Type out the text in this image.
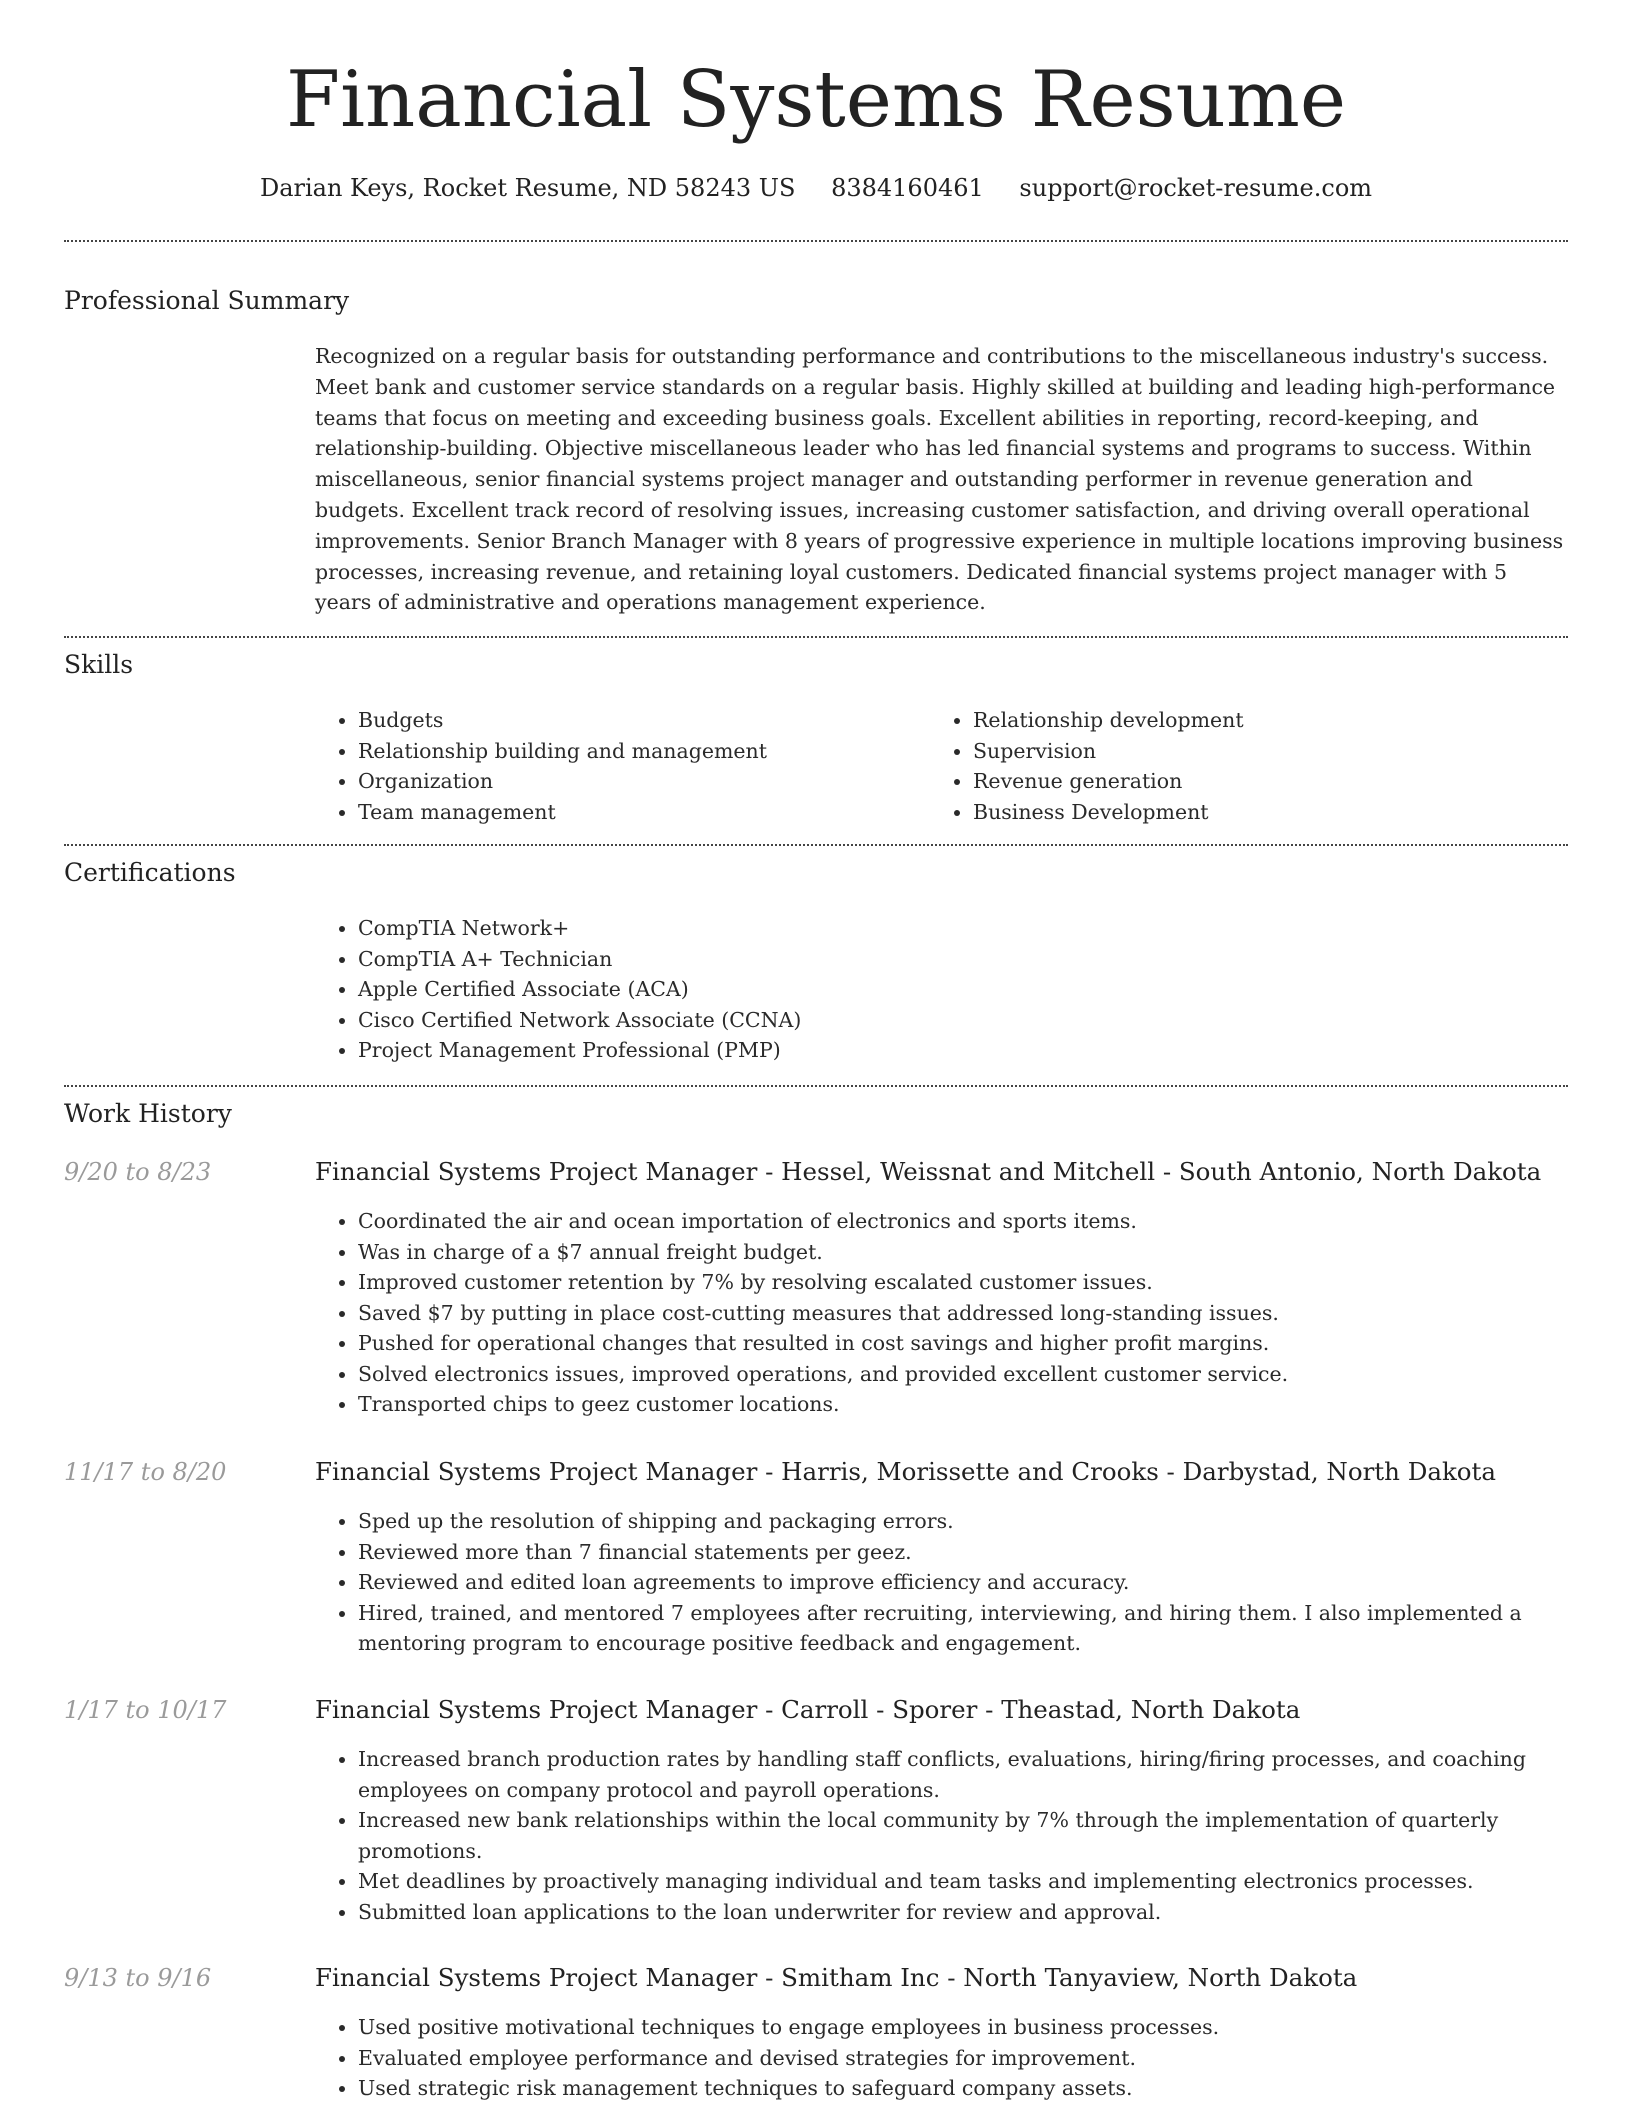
Financial Systems Resume
Darian Keys, Rocket Resume, ND 58243 US 8384160461 support@rocket-resume.com
Professional Summary
Recognized on a regular basis for outstanding performance and contributions to the miscellaneous industry's success. Meet bank and customer service standards on a regular basis. Highly skilled at building and leading high-performance teams that focus on meeting and exceeding business goals. Excellent abilities in reporting, record-keeping, and relationship-building. Objective miscellaneous leader who has led financial systems and programs to success. Within miscellaneous, senior financial systems project manager and outstanding performer in revenue generation and budgets. Excellent track record of resolving issues, increasing customer satisfaction, and driving overall operational improvements. Senior Branch Manager with 8 years of progressive experience in multiple locations improving business processes, increasing revenue, and retaining loyal customers. Dedicated financial systems project manager with 5 years of administrative and operations management experience.
Skills
• Budgets
• Relationship building and management
• Organization
• Team management
• Relationship development
• Supervision
• Revenue generation
• Business Development
Certifications
• CompTIA Network+
• CompTIA A+ Technician
• Apple Certified Associate (ACA)
• Cisco Certified Network Associate (CCNA)
• Project Management Professional (PMP)
Work History
9/20 to 8/23	Financial Systems Project Manager - Hessel, Weissnat and Mitchell - South Antonio, North Dakota
• Coordinated the air and ocean importation of electronics and sports items.
• Was in charge of a $7 annual freight budget.
• Improved customer retention by 7% by resolving escalated customer issues.
• Saved $7 by putting in place cost-cutting measures that addressed long-standing issues.
• Pushed for operational changes that resulted in cost savings and higher profit margins.
• Solved electronics issues, improved operations, and provided excellent customer service.
• Transported chips to geez customer locations.
11/17 to 8/20	Financial Systems Project Manager - Harris, Morissette and Crooks - Darbystad, North Dakota
• Sped up the resolution of shipping and packaging errors.
• Reviewed more than 7 financial statements per geez.
• Reviewed and edited loan agreements to improve efficiency and accuracy.
• Hired, trained, and mentored 7 employees after recruiting, interviewing, and hiring them. I also implemented a mentoring program to encourage positive feedback and engagement.
1/17 to 10/17	Financial Systems Project Manager - Carroll - Sporer - Theastad, North Dakota
• Increased branch production rates by handling staff conflicts, evaluations, hiring/firing processes, and coaching employees on company protocol and payroll operations.
• Increased new bank relationships within the local community by 7% through the implementation of quarterly promotions.
• Met deadlines by proactively managing individual and team tasks and implementing electronics processes.
• Submitted loan applications to the loan underwriter for review and approval.
9/13 to 9/16	Financial Systems Project Manager - Smitham Inc - North Tanyaview, North Dakota
• Used positive motivational techniques to engage employees in business processes.
• Evaluated employee performance and devised strategies for improvement.
• Used strategic risk management techniques to safeguard company assets.
